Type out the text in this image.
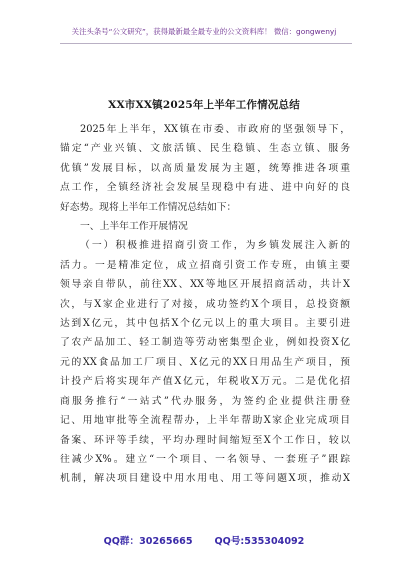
关注头条号“公文研究”，获得最新最全最专业的公文资料库！ 微信：gongwenyj
XX市XX镇2025年上半年工作情况总结
2025年上半年，XX镇在市委、市政府的坚强领导下，
锚定“产业兴镇、文旅活镇、民生稳镇、生态立镇、服务
优镇”发展目标，以高质量发展为主题，统筹推进各项重
点工作，全镇经济社会发展呈现稳中有进、进中向好的良
好态势。现将上半年工作情况总结如下：
一、上半年工作开展情况
（一）积极推进招商引资工作，为乡镇发展注入新的
活力。一是精准定位，成立招商引资工作专班，由镇主要
领导亲自带队，前往XX、XX等地区开展招商活动，共计X
次，与X家企业进行了对接，成功签约X个项目，总投资额
达到X亿元，其中包括X个亿元以上的重大项目。主要引进
了农产品加工、轻工制造等劳动密集型企业，例如投资X亿
元的XX食品加工厂项目、X亿元的XX日用品生产项目，预
计投产后将实现年产值X亿元，年税收X万元。二是优化招
商服务推行“一站式”代办服务，为签约企业提供注册登
记、用地审批等全流程帮办，上半年帮助X家企业完成项目
备案、环评等手续，平均办理时间缩短至X个工作日，较以
往减少X%。建立“一个项目、一名领导、一套班子”跟踪
机制，解决项目建设中用水用电、用工等问题X项，推动X
QQ群：30265665 QQ号:535304092
